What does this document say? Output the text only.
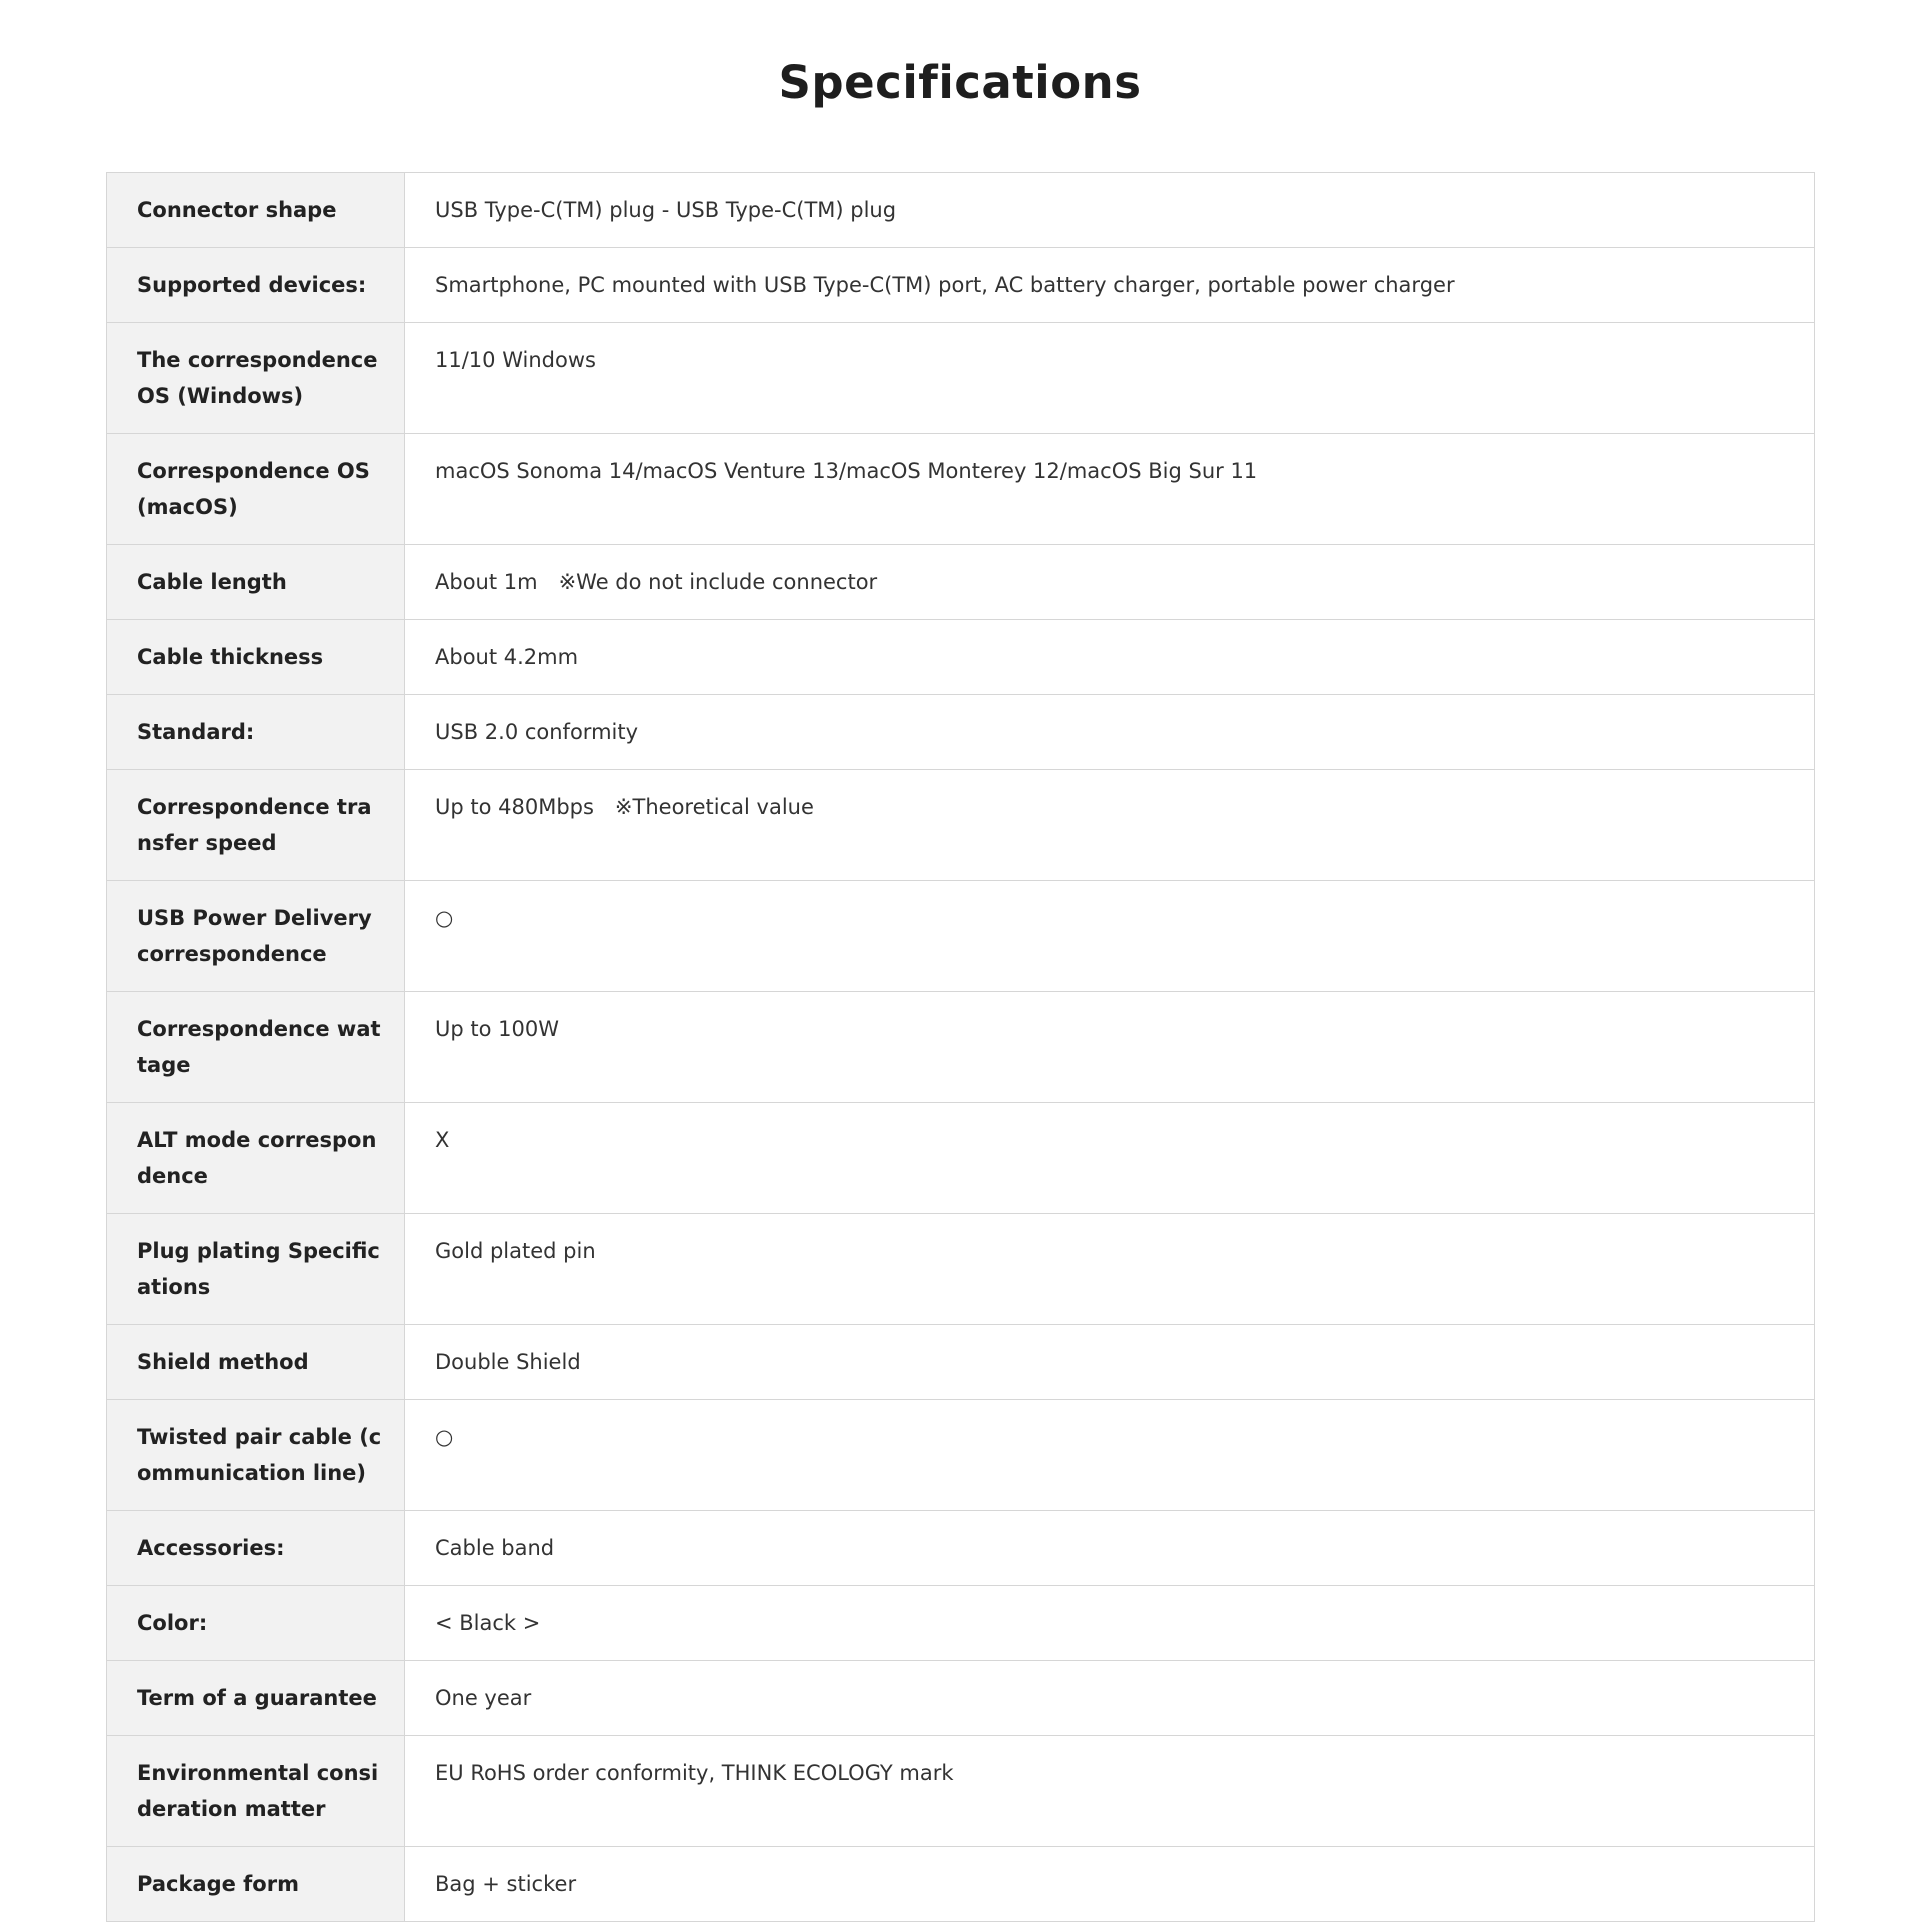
Specifications
Connector shape	USB Type-C(TM) plug - USB Type-C(TM) plug
Supported devices:	Smartphone, PC mounted with USB Type-C(TM) port, AC battery charger, portable power charger
The correspondence OS (Windows)	11/10 Windows
Correspondence OS(macOS)	macOS Sonoma 14/macOS Venture 13/macOS Monterey 12/macOS Big Sur 11
Cable length	About 1m　※We do not include connector
Cable thickness	About 4.2mm
Standard:	USB 2.0 conformity
Correspondence transfer speed	Up to 480Mbps　※Theoretical value
USB Power Delivery correspondence	○
Correspondence wattage	Up to 100W
ALT mode correspondence	X
Plug plating Specifications	Gold plated pin
Shield method	Double Shield
Twisted pair cable (communication line)	○
Accessories:	Cable band
Color:	< Black >
Term of a guarantee	One year
Environmental consideration matter	EU RoHS order conformity, THINK ECOLOGY mark
Package form	Bag + sticker
